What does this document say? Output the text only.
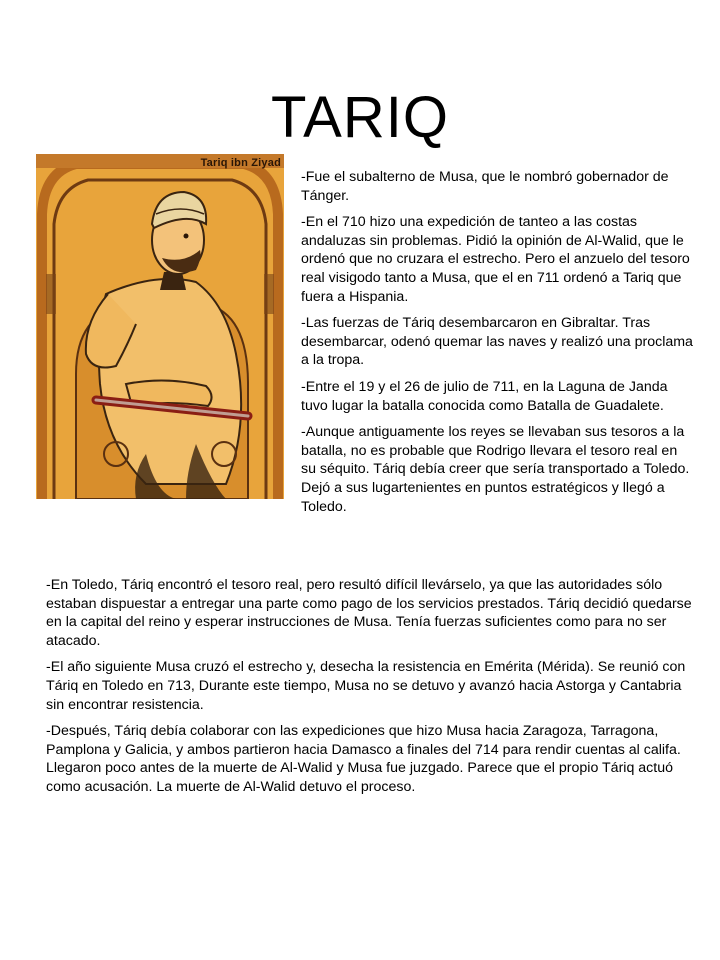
TARIQ
Tariq ibn Ziyad

-Fue el subalterno de Musa, que le nombró gobernador de Tánger.

-En el 710 hizo una expedición de tanteo a las costas andaluzas sin problemas. Pidió la opinión de Al-Walid, que le ordenó que no cruzara el estrecho. Pero el anzuelo del tesoro real visigodo tanto a Musa, que el en 711 ordenó a Tariq que fuera a Hispania.

-Las fuerzas de Táriq desembarcaron en Gibraltar. Tras desembarcar, odenó quemar las naves y realizó una proclama a la tropa.

-Entre el 19 y el 26 de julio de 711, en la Laguna de Janda tuvo lugar la batalla conocida como Batalla de Guadalete.

-Aunque antiguamente los reyes se llevaban sus tesoros a la batalla, no es probable que Rodrigo llevara el tesoro real en su séquito. Táriq debía creer que sería transportado a Toledo. Dejó a sus lugartenientes en puntos estratégicos y llegó a Toledo.

-En Toledo, Táriq encontró el tesoro real, pero resultó difícil llevárselo, ya que las autoridades sólo estaban dispuestar a entregar una parte como pago de los servicios prestados. Táriq decidió quedarse en la capital del reino y esperar instrucciones de Musa. Tenía fuerzas suficientes como para no ser atacado.

-El año siguiente Musa cruzó el estrecho y, desecha la resistencia en Emérita (Mérida). Se reunió con Táriq en Toledo en 713, Durante este tiempo, Musa no se detuvo y avanzó hacia Astorga y Cantabria sin encontrar resistencia.

-Después, Táriq debía colaborar con las expediciones que hizo Musa hacia Zaragoza, Tarragona, Pamplona y Galicia, y ambos partieron hacia Damasco a finales del 714 para rendir cuentas al califa. Llegaron poco antes de la muerte de Al-Walid y Musa fue juzgado. Parece que el propio Táriq actuó como acusación. La muerte de Al-Walid detuvo el proceso.
